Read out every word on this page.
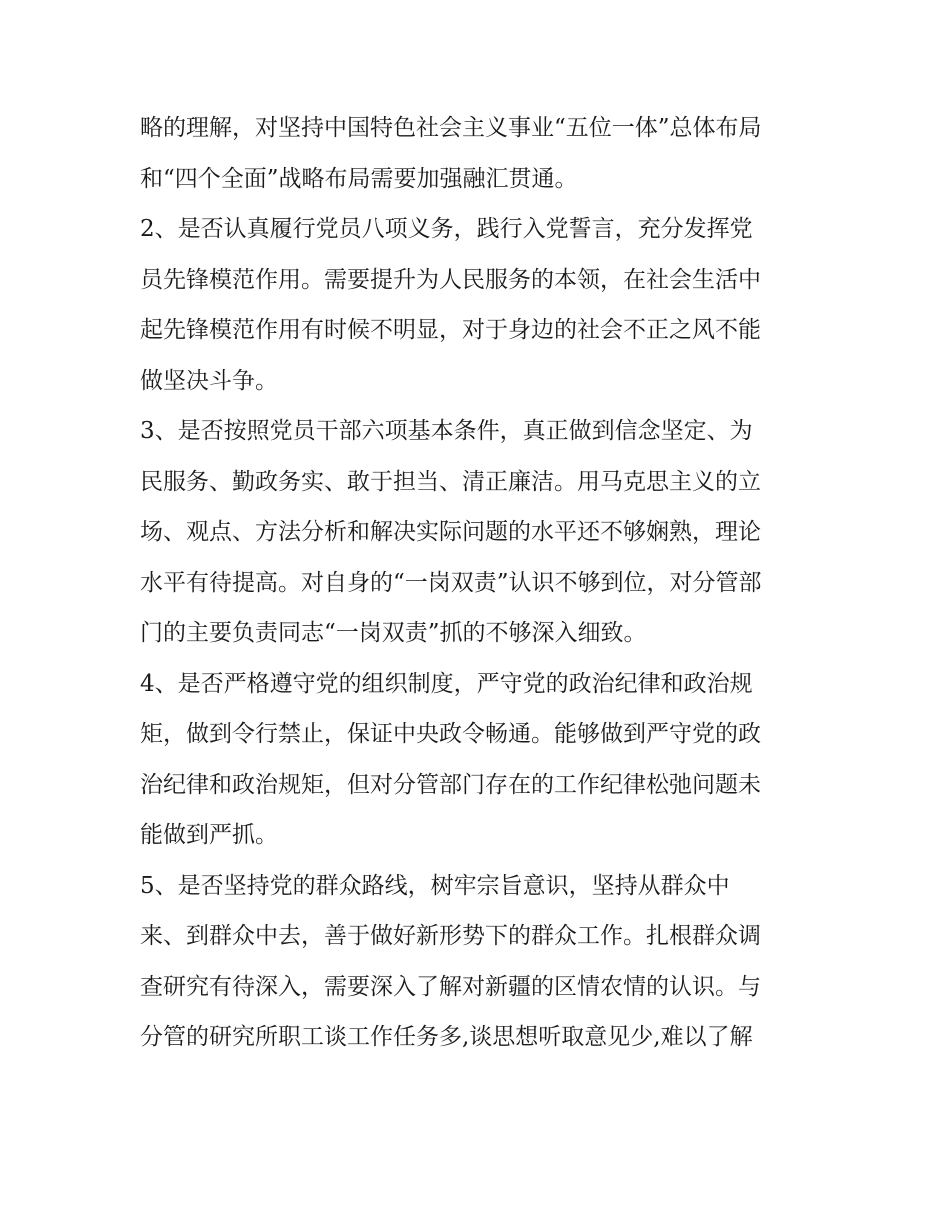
略的理解，对坚持中国特色社会主义事业“五位一体”总体布局
和“四个全面”战略布局需要加强融汇贯通。
2、是否认真履行党员八项义务，践行入党誓言，充分发挥党
员先锋模范作用。需要提升为人民服务的本领，在社会生活中
起先锋模范作用有时候不明显，对于身边的社会不正之风不能
做坚决斗争。
3、是否按照党员干部六项基本条件，真正做到信念坚定、为
民服务、勤政务实、敢于担当、清正廉洁。用马克思主义的立
场、观点、方法分析和解决实际问题的水平还不够娴熟，理论
水平有待提高。对自身的“一岗双责”认识不够到位，对分管部
门的主要负责同志“一岗双责”抓的不够深入细致。
4、是否严格遵守党的组织制度，严守党的政治纪律和政治规
矩，做到令行禁止，保证中央政令畅通。能够做到严守党的政
治纪律和政治规矩，但对分管部门存在的工作纪律松弛问题未
能做到严抓。
5、是否坚持党的群众路线，树牢宗旨意识，坚持从群众中
来、到群众中去，善于做好新形势下的群众工作。扎根群众调
查研究有待深入，需要深入了解对新疆的区情农情的认识。与
分管的研究所职工谈工作任务多,谈思想听取意见少,难以了解
